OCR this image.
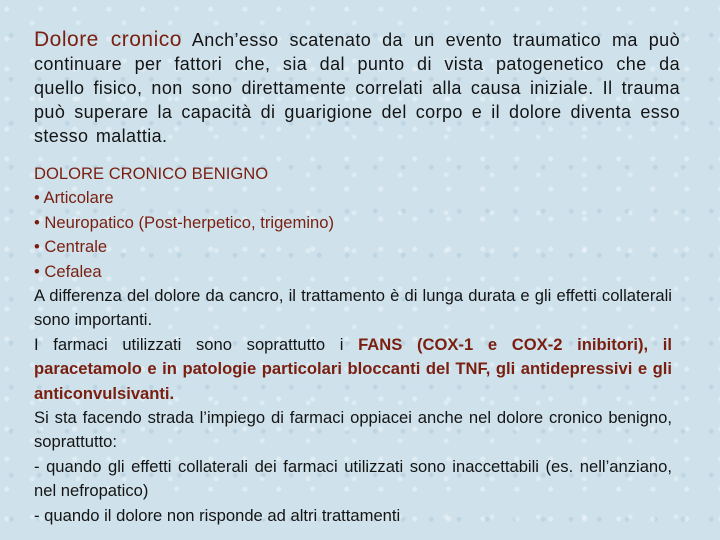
Dolore cronico Anch’esso scatenato da un evento traumatico ma può continuare per fattori che, sia dal punto di vista patogenetico che da quello fisico, non sono direttamente correlati alla causa iniziale. Il trauma può superare la capacità di guarigione del corpo e il dolore diventa esso stesso malattia.
DOLORE CRONICO BENIGNO
• Articolare
• Neuropatico (Post-herpetico, trigemino)
• Centrale
• Cefalea

A differenza del dolore da cancro, il trattamento è di lunga durata e gli effetti collaterali sono importanti.

I farmaci utilizzati sono soprattutto i FANS (COX-1 e COX-2 inibitori), il paracetamolo e in patologie particolari bloccanti del TNF, gli antidepressivi e gli anticonvulsivanti.

Si sta facendo strada l’impiego di farmaci oppiacei anche nel dolore cronico benigno, soprattutto:

- quando gli effetti collaterali dei farmaci utilizzati sono inaccettabili (es. nell’anziano, nel nefropatico)

- quando il dolore non risponde ad altri trattamenti
